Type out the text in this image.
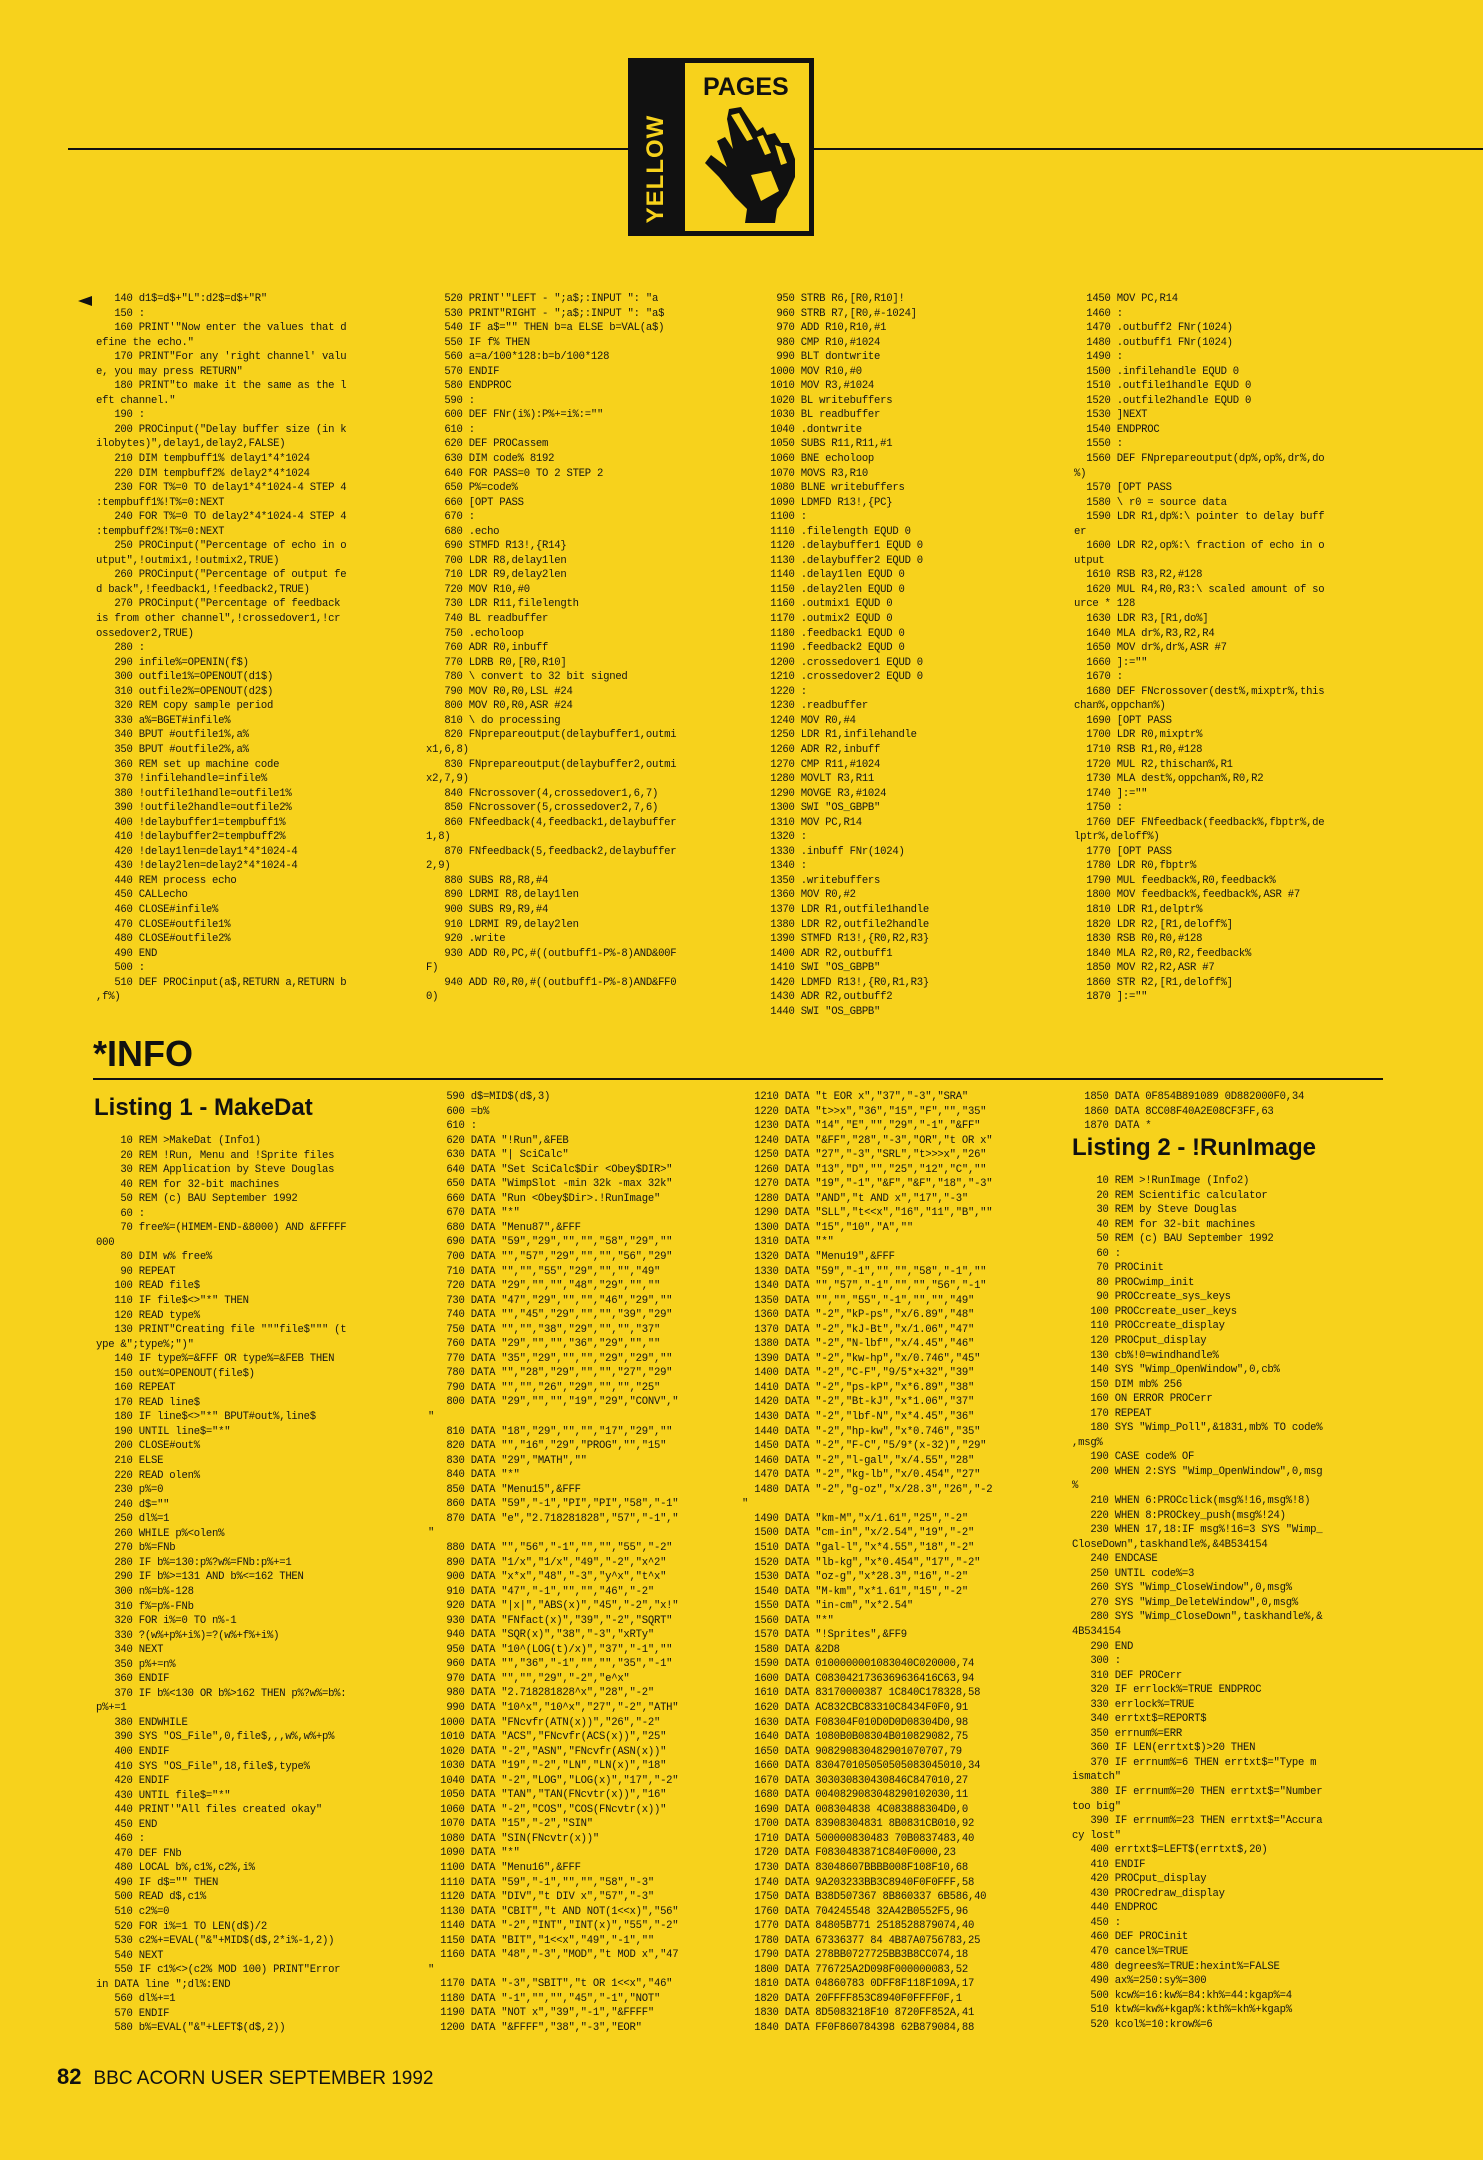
YELLOW
PAGES
140 d1$=d$+"L":d2$=d$+"R"
150 :
160 PRINT'"Now enter the values that d
efine the echo."
170 PRINT"For any 'right channel' valu
e, you may press RETURN"
180 PRINT"to make it the same as the l
eft channel."
190 :
200 PROCinput("Delay buffer size (in k
ilobytes)",delay1,delay2,FALSE)
210 DIM tempbuff1% delay1*4*1024
220 DIM tempbuff2% delay2*4*1024
230 FOR T%=0 TO delay1*4*1024-4 STEP 4
:tempbuff1%!T%=0:NEXT
240 FOR T%=0 TO delay2*4*1024-4 STEP 4
:tempbuff2%!T%=0:NEXT
250 PROCinput("Percentage of echo in o
utput",!outmix1,!outmix2,TRUE)
260 PROCinput("Percentage of output fe
d back",!feedback1,!feedback2,TRUE)
270 PROCinput("Percentage of feedback
is from other channel",!crossedover1,!cr
ossedover2,TRUE)
280 :
290 infile%=OPENIN(f$)
300 outfile1%=OPENOUT(d1$)
310 outfile2%=OPENOUT(d2$)
320 REM copy sample period
330 a%=BGET#infile%
340 BPUT #outfile1%,a%
350 BPUT #outfile2%,a%
360 REM set up machine code
370 !infilehandle=infile%
380 !outfile1handle=outfile1%
390 !outfile2handle=outfile2%
400 !delaybuffer1=tempbuff1%
410 !delaybuffer2=tempbuff2%
420 !delay1len=delay1*4*1024-4
430 !delay2len=delay2*4*1024-4
440 REM process echo
450 CALLecho
460 CLOSE#infile%
470 CLOSE#outfile1%
480 CLOSE#outfile2%
490 END
500 :
510 DEF PROCinput(a$,RETURN a,RETURN b
,f%)
520 PRINT'"LEFT - ";a$;:INPUT ": "a
530 PRINT"RIGHT - ";a$;:INPUT ": "a$
540 IF a$="" THEN b=a ELSE b=VAL(a$)
550 IF f% THEN
560 a=a/100*128:b=b/100*128
570 ENDIF
580 ENDPROC
590 :
600 DEF FNr(i%):P%+=i%:=""
610 :
620 DEF PROCassem
630 DIM code% 8192
640 FOR PASS=0 TO 2 STEP 2
650 P%=code%
660 [OPT PASS
670 :
680 .echo
690 STMFD R13!,{R14}
700 LDR R8,delay1len
710 LDR R9,delay2len
720 MOV R10,#0
730 LDR R11,filelength
740 BL readbuffer
750 .echoloop
760 ADR R0,inbuff
770 LDRB R0,[R0,R10]
780 \ convert to 32 bit signed
790 MOV R0,R0,LSL #24
800 MOV R0,R0,ASR #24
810 \ do processing
820 FNprepareoutput(delaybuffer1,outmi
x1,6,8)
830 FNprepareoutput(delaybuffer2,outmi
x2,7,9)
840 FNcrossover(4,crossedover1,6,7)
850 FNcrossover(5,crossedover2,7,6)
860 FNfeedback(4,feedback1,delaybuffer
1,8)
870 FNfeedback(5,feedback2,delaybuffer
2,9)
880 SUBS R8,R8,#4
890 LDRMI R8,delay1len
900 SUBS R9,R9,#4
910 LDRMI R9,delay2len
920 .write
930 ADD R0,PC,#((outbuff1-P%-8)AND&00F
F)
940 ADD R0,R0,#((outbuff1-P%-8)AND&FF0
0)
950 STRB R6,[R0,R10]!
960 STRB R7,[R0,#-1024]
970 ADD R10,R10,#1
980 CMP R10,#1024
990 BLT dontwrite
1000 MOV R10,#0
1010 MOV R3,#1024
1020 BL writebuffers
1030 BL readbuffer
1040 .dontwrite
1050 SUBS R11,R11,#1
1060 BNE echoloop
1070 MOVS R3,R10
1080 BLNE writebuffers
1090 LDMFD R13!,{PC}
1100 :
1110 .filelength EQUD 0
1120 .delaybuffer1 EQUD 0
1130 .delaybuffer2 EQUD 0
1140 .delay1len EQUD 0
1150 .delay2len EQUD 0
1160 .outmix1 EQUD 0
1170 .outmix2 EQUD 0
1180 .feedback1 EQUD 0
1190 .feedback2 EQUD 0
1200 .crossedover1 EQUD 0
1210 .crossedover2 EQUD 0
1220 :
1230 .readbuffer
1240 MOV R0,#4
1250 LDR R1,infilehandle
1260 ADR R2,inbuff
1270 CMP R11,#1024
1280 MOVLT R3,R11
1290 MOVGE R3,#1024
1300 SWI "OS_GBPB"
1310 MOV PC,R14
1320 :
1330 .inbuff FNr(1024)
1340 :
1350 .writebuffers
1360 MOV R0,#2
1370 LDR R1,outfile1handle
1380 LDR R2,outfile2handle
1390 STMFD R13!,{R0,R2,R3}
1400 ADR R2,outbuff1
1410 SWI "OS_GBPB"
1420 LDMFD R13!,{R0,R1,R3}
1430 ADR R2,outbuff2
1440 SWI "OS_GBPB"
1450 MOV PC,R14
1460 :
1470 .outbuff2 FNr(1024)
1480 .outbuff1 FNr(1024)
1490 :
1500 .infilehandle EQUD 0
1510 .outfile1handle EQUD 0
1520 .outfile2handle EQUD 0
1530 ]NEXT
1540 ENDPROC
1550 :
1560 DEF FNprepareoutput(dp%,op%,dr%,do
%)
1570 [OPT PASS
1580 \ r0 = source data
1590 LDR R1,dp%:\ pointer to delay buff
er
1600 LDR R2,op%:\ fraction of echo in o
utput
1610 RSB R3,R2,#128
1620 MUL R4,R0,R3:\ scaled amount of so
urce * 128
1630 LDR R3,[R1,do%]
1640 MLA dr%,R3,R2,R4
1650 MOV dr%,dr%,ASR #7
1660 ]:=""
1670 :
1680 DEF FNcrossover(dest%,mixptr%,this
chan%,oppchan%)
1690 [OPT PASS
1700 LDR R0,mixptr%
1710 RSB R1,R0,#128
1720 MUL R2,thischan%,R1
1730 MLA dest%,oppchan%,R0,R2
1740 ]:=""
1750 :
1760 DEF FNfeedback(feedback%,fbptr%,de
lptr%,deloff%)
1770 [OPT PASS
1780 LDR R0,fbptr%
1790 MUL feedback%,R0,feedback%
1800 MOV feedback%,feedback%,ASR #7
1810 LDR R1,delptr%
1820 LDR R2,[R1,deloff%]
1830 RSB R0,R0,#128
1840 MLA R2,R0,R2,feedback%
1850 MOV R2,R2,ASR #7
1860 STR R2,[R1,deloff%]
1870 ]:=""
*INFO
Listing 1 - MakeDat
10 REM >MakeDat (Info1)
20 REM !Run, Menu and !Sprite files
30 REM Application by Steve Douglas
40 REM for 32-bit machines
50 REM (c) BAU September 1992
60 :
70 free%=(HIMEM-END-&8000) AND &FFFFF
000
80 DIM w% free%
90 REPEAT
100 READ file$
110 IF file$<>"*" THEN
120 READ type%
130 PRINT"Creating file """file$""" (t
ype &";type%;")"
140 IF type%=&FFF OR type%=&FEB THEN
150 out%=OPENOUT(file$)
160 REPEAT
170 READ line$
180 IF line$<>"*" BPUT#out%,line$
190 UNTIL line$="*"
200 CLOSE#out%
210 ELSE
220 READ olen%
230 p%=0
240 d$=""
250 dl%=1
260 WHILE p%<olen%
270 b%=FNb
280 IF b%=130:p%?w%=FNb:p%+=1
290 IF b%>=131 AND b%<=162 THEN
300 n%=b%-128
310 f%=p%-FNb
320 FOR i%=0 TO n%-1
330 ?(w%+p%+i%)=?(w%+f%+i%)
340 NEXT
350 p%+=n%
360 ENDIF
370 IF b%<130 OR b%>162 THEN p%?w%=b%:
p%+=1
380 ENDWHILE
390 SYS "OS_File",0,file$,,,w%,w%+p%
400 ENDIF
410 SYS "OS_File",18,file$,type%
420 ENDIF
430 UNTIL file$="*"
440 PRINT'"All files created okay"
450 END
460 :
470 DEF FNb
480 LOCAL b%,c1%,c2%,i%
490 IF d$="" THEN
500 READ d$,c1%
510 c2%=0
520 FOR i%=1 TO LEN(d$)/2
530 c2%+=EVAL("&"+MID$(d$,2*i%-1,2))
540 NEXT
550 IF c1%<>(c2% MOD 100) PRINT"Error
in DATA line ";dl%:END
560 dl%+=1
570 ENDIF
580 b%=EVAL("&"+LEFT$(d$,2))
590 d$=MID$(d$,3)
600 =b%
610 :
620 DATA "!Run",&FEB
630 DATA "| SciCalc"
640 DATA "Set SciCalc$Dir <Obey$DIR>"
650 DATA "WimpSlot -min 32k -max 32k"
660 DATA "Run <Obey$Dir>.!RunImage"
670 DATA "*"
680 DATA "Menu87",&FFF
690 DATA "59","29","","","58","29",""
700 DATA "","57","29","","","56","29"
710 DATA "","","55","29","","","49"
720 DATA "29","","","48","29","",""
730 DATA "47","29","","","46","29",""
740 DATA "","45","29","","","39","29"
750 DATA "","","38","29","","","37"
760 DATA "29","","","36","29","",""
770 DATA "35","29","","","29","29",""
780 DATA "","28","29","","","27","29"
790 DATA "","","26","29","","","25"
800 DATA "29","","","19","29","CONV","
"
810 DATA "18","29","","","17","29",""
820 DATA "","16","29","PROG","","15"
830 DATA "29","MATH",""
840 DATA "*"
850 DATA "Menu15",&FFF
860 DATA "59","-1","PI","PI","58","-1"
870 DATA "e","2.718281828","57","-1","
"
880 DATA "","56","-1","","","55","-2"
890 DATA "1/x","1/x","49","-2","x^2"
900 DATA "x*x","48","-3","y^x","t^x"
910 DATA "47","-1","","","46","-2"
920 DATA "|x|","ABS(x)","45","-2","x!"
930 DATA "FNfact(x)","39","-2","SQRT"
940 DATA "SQR(x)","38","-3","xRTy"
950 DATA "10^(LOG(t)/x)","37","-1",""
960 DATA "","36","-1","","","35","-1"
970 DATA "","","29","-2","e^x"
980 DATA "2.718281828^x","28","-2"
990 DATA "10^x","10^x","27","-2","ATH"
1000 DATA "FNcvfr(ATN(x))","26","-2"
1010 DATA "ACS","FNcvfr(ACS(x))","25"
1020 DATA "-2","ASN","FNcvfr(ASN(x))"
1030 DATA "19","-2","LN","LN(x)","18"
1040 DATA "-2","LOG","LOG(x)","17","-2"
1050 DATA "TAN","TAN(FNcvtr(x))","16"
1060 DATA "-2","COS","COS(FNcvtr(x))"
1070 DATA "15","-2","SIN"
1080 DATA "SIN(FNcvtr(x))"
1090 DATA "*"
1100 DATA "Menu16",&FFF
1110 DATA "59","-1","","","58","-3"
1120 DATA "DIV","t DIV x","57","-3"
1130 DATA "CBIT","t AND NOT(1<<x)","56"
1140 DATA "-2","INT","INT(x)","55","-2"
1150 DATA "BIT","1<<x","49","-1",""
1160 DATA "48","-3","MOD","t MOD x","47
"
1170 DATA "-3","SBIT","t OR 1<<x","46"
1180 DATA "-1","","","45","-1","NOT"
1190 DATA "NOT x","39","-1","&FFFF"
1200 DATA "&FFFF","38","-3","EOR"
1210 DATA "t EOR x","37","-3","SRA"
1220 DATA "t>>x","36","15","F","","35"
1230 DATA "14","E","","29","-1","&FF"
1240 DATA "&FF","28","-3","OR","t OR x"
1250 DATA "27","-3","SRL","t>>>x","26"
1260 DATA "13","D","","25","12","C",""
1270 DATA "19","-1","&F","&F","18","-3"
1280 DATA "AND","t AND x","17","-3"
1290 DATA "SLL","t<<x","16","11","B",""
1300 DATA "15","10","A",""
1310 DATA "*"
1320 DATA "Menu19",&FFF
1330 DATA "59","-1","","","58","-1",""
1340 DATA "","57","-1","","","56","-1"
1350 DATA "","","55","-1","","","49"
1360 DATA "-2","kP-ps","x/6.89","48"
1370 DATA "-2","kJ-Bt","x/1.06","47"
1380 DATA "-2","N-lbf","x/4.45","46"
1390 DATA "-2","kw-hp","x/0.746","45"
1400 DATA "-2","C-F","9/5*x+32","39"
1410 DATA "-2","ps-kP","x*6.89","38"
1420 DATA "-2","Bt-kJ","x*1.06","37"
1430 DATA "-2","lbf-N","x*4.45","36"
1440 DATA "-2","hp-kw","x*0.746","35"
1450 DATA "-2","F-C","5/9*(x-32)","29"
1460 DATA "-2","l-gal","x/4.55","28"
1470 DATA "-2","kg-lb","x/0.454","27"
1480 DATA "-2","g-oz","x/28.3","26","-2
"
1490 DATA "km-M","x/1.61","25","-2"
1500 DATA "cm-in","x/2.54","19","-2"
1510 DATA "gal-l","x*4.55","18","-2"
1520 DATA "lb-kg","x*0.454","17","-2"
1530 DATA "oz-g","x*28.3","16","-2"
1540 DATA "M-km","x*1.61","15","-2"
1550 DATA "in-cm","x*2.54"
1560 DATA "*"
1570 DATA "!Sprites",&FF9
1580 DATA &2D8
1590 DATA 0100000001083040C020000,74
1600 DATA C0830421736369636416C63,94
1610 DATA 83170000387 1C840C178328,58
1620 DATA AC832CBC83310C8434F0F0,91
1630 DATA F08304F010D0D0D08304D0,98
1640 DATA 1080B0B08304B010829082,75
1650 DATA 908290830482901070707,79
1660 DATA 830470105050505083045010,34
1670 DATA 303030830430846C847010,27
1680 DATA 0040829083048290102030,11
1690 DATA 008304838 4C083888304D0,0
1700 DATA 83908304831 8B0831CB010,92
1710 DATA 500000830483 70B0837483,40
1720 DATA F0830483871C840F0000,23
1730 DATA 83048607BBBB008F108F10,68
1740 DATA 9A203233BB3C8940F0F0FFF,58
1750 DATA B38D507367 8B860337 6B586,40
1760 DATA 704245548 32A42B0552F5,96
1770 DATA 84805B771 2518528879074,40
1780 DATA 67336377 84 4B87A0756783,25
1790 DATA 278BB0727725BB3B8CC074,18
1800 DATA 776725A2D098F000000083,52
1810 DATA 04860783 0DFF8F118F109A,17
1820 DATA 20FFFF853C8940F0FFFF0F,1
1830 DATA 8D5083218F10 8720FF852A,41
1840 DATA FF0F860784398 62B879084,88
1850 DATA 0F854B891089 0D882000F0,34
1860 DATA 8CC08F40A2E08CF3FF,63
1870 DATA *
Listing 2 - !RunImage
10 REM >!RunImage (Info2)
20 REM Scientific calculator
30 REM by Steve Douglas
40 REM for 32-bit machines
50 REM (c) BAU September 1992
60 :
70 PROCinit
80 PROCwimp_init
90 PROCcreate_sys_keys
100 PROCcreate_user_keys
110 PROCcreate_display
120 PROCput_display
130 cb%!0=windhandle%
140 SYS "Wimp_OpenWindow",0,cb%
150 DIM mb% 256
160 ON ERROR PROCerr
170 REPEAT
180 SYS "Wimp_Poll",&1831,mb% TO code%
,msg%
190 CASE code% OF
200 WHEN 2:SYS "Wimp_OpenWindow",0,msg
%
210 WHEN 6:PROCclick(msg%!16,msg%!8)
220 WHEN 8:PROCkey_push(msg%!24)
230 WHEN 17,18:IF msg%!16=3 SYS "Wimp_
CloseDown",taskhandle%,&4B534154
240 ENDCASE
250 UNTIL code%=3
260 SYS "Wimp_CloseWindow",0,msg%
270 SYS "Wimp_DeleteWindow",0,msg%
280 SYS "Wimp_CloseDown",taskhandle%,&
4B534154
290 END
300 :
310 DEF PROCerr
320 IF errlock%=TRUE ENDPROC
330 errlock%=TRUE
340 errtxt$=REPORT$
350 errnum%=ERR
360 IF LEN(errtxt$)>20 THEN
370 IF errnum%=6 THEN errtxt$="Type m
ismatch"
380 IF errnum%=20 THEN errtxt$="Number
too big"
390 IF errnum%=23 THEN errtxt$="Accura
cy lost"
400 errtxt$=LEFT$(errtxt$,20)
410 ENDIF
420 PROCput_display
430 PROCredraw_display
440 ENDPROC
450 :
460 DEF PROCinit
470 cancel%=TRUE
480 degrees%=TRUE:hexint%=FALSE
490 ax%=250:sy%=300
500 kcw%=16:kw%=84:kh%=44:kgap%=4
510 ktw%=kw%+kgap%:kth%=kh%+kgap%
520 kcol%=10:krow%=6
82 BBC ACORN USER SEPTEMBER 1992
